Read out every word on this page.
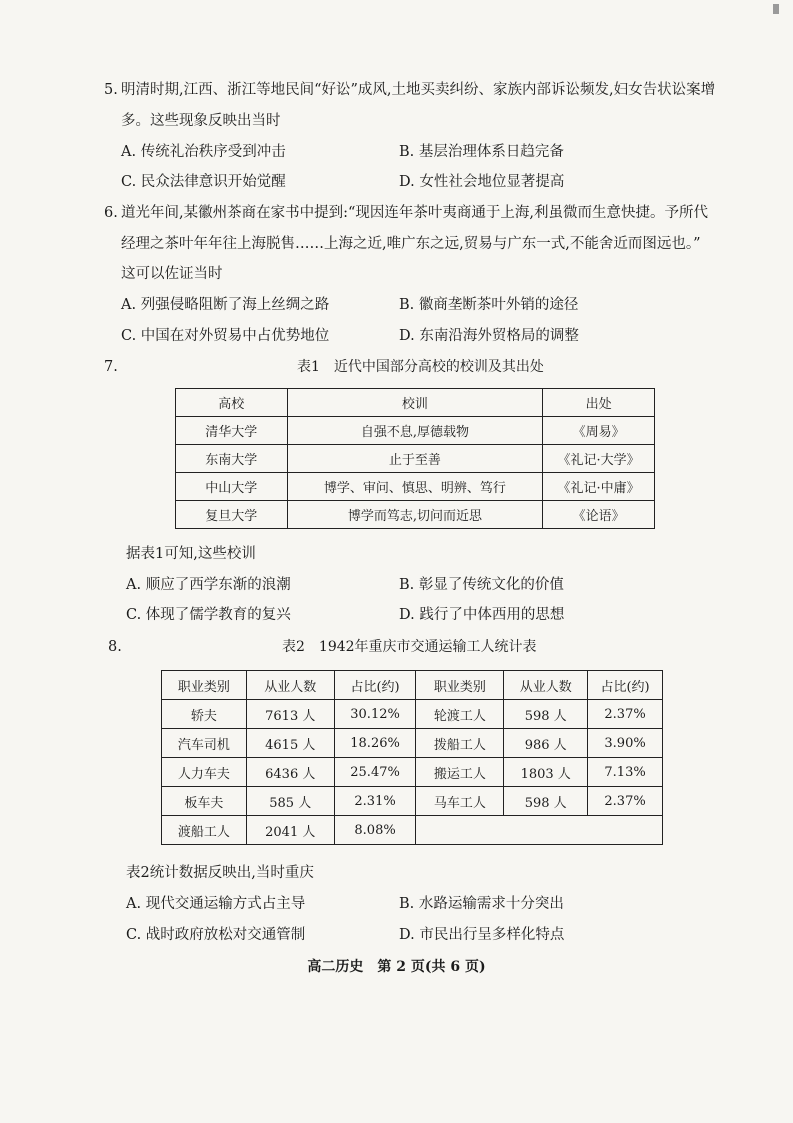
5. 明清时期,江西、浙江等地民间“好讼”成风,土地买卖纠纷、家族内部诉讼频发,妇女告状讼案增
多。这些现象反映出当时
A. 传统礼治秩序受到冲击	B. 基层治理体系日趋完备
C. 民众法律意识开始觉醒	D. 女性社会地位显著提高
6. 道光年间,某徽州茶商在家书中提到:“现因连年茶叶夷商通于上海,利虽微而生意快捷。予所代
经理之茶叶年年往上海脱售……上海之近,唯广东之远,贸易与广东一式,不能舍近而图远也。”
这可以佐证当时
A. 列强侵略阻断了海上丝绸之路	B. 徽商垄断茶叶外销的途径
C. 中国在对外贸易中占优势地位	D. 东南沿海外贸格局的调整
7.	表1　近代中国部分高校的校训及其出处
高校	校训	出处
清华大学	自强不息,厚德载物	《周易》
东南大学	止于至善	《礼记·大学》
中山大学	博学、审问、慎思、明辨、笃行	《礼记·中庸》
复旦大学	博学而笃志,切问而近思	《论语》
据表1可知,这些校训
A. 顺应了西学东渐的浪潮	B. 彰显了传统文化的价值
C. 体现了儒学教育的复兴	D. 践行了中体西用的思想
8.	表2　1942年重庆市交通运输工人统计表
职业类别	从业人数	占比(约)	职业类别	从业人数	占比(约)
轿夫	7613 人	30.12%	轮渡工人	598 人	2.37%
汽车司机	4615 人	18.26%	拨船工人	986 人	3.90%
人力车夫	6436 人	25.47%	搬运工人	1803 人	7.13%
板车夫	585 人	2.31%	马车工人	598 人	2.37%
渡船工人	2041 人	8.08%			
表2统计数据反映出,当时重庆
A. 现代交通运输方式占主导	B. 水路运输需求十分突出
C. 战时政府放松对交通管制	D. 市民出行呈多样化特点
高二历史　第 2 页(共 6 页)
